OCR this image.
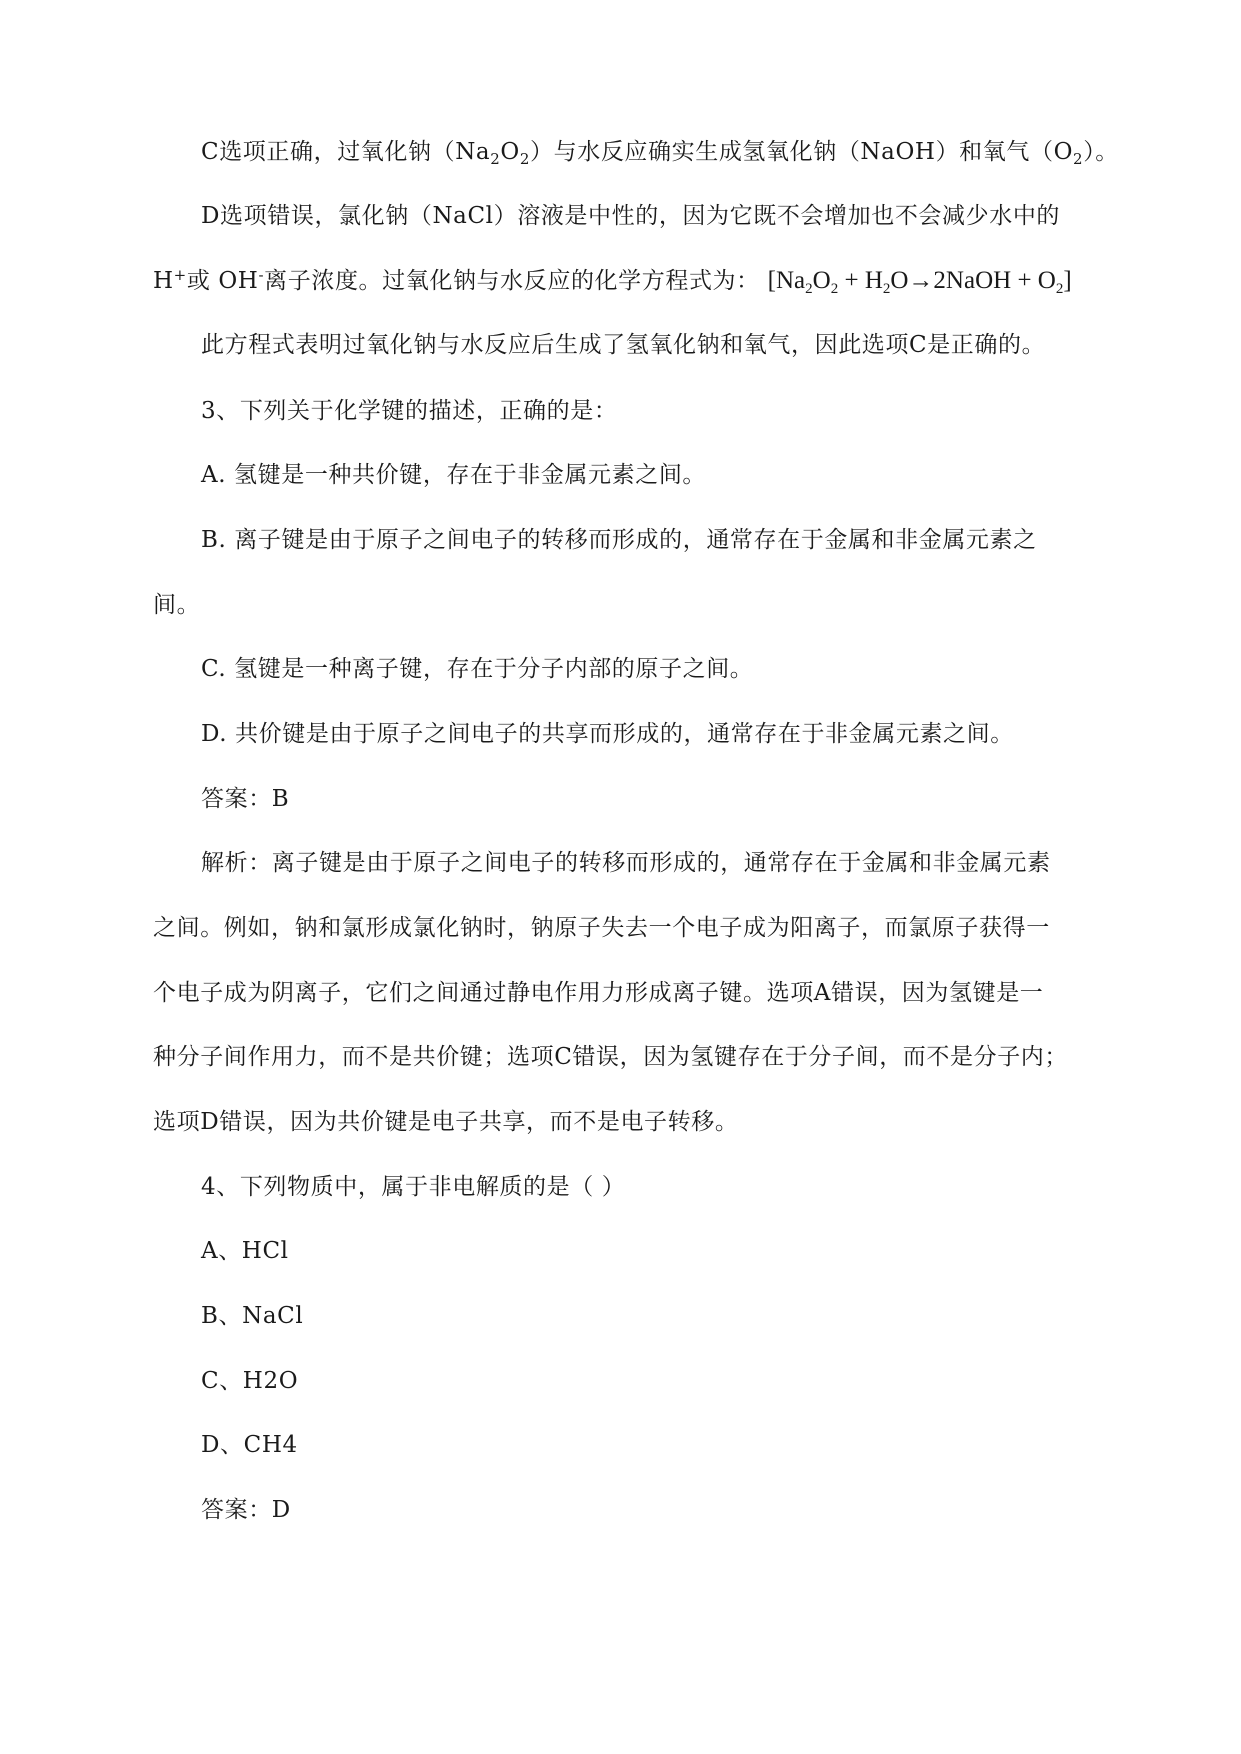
C选项正确，过氧化钠$(Na_2O_2)$与水反应确实生成氢氧化钠（NaOH）和氧气$(O_2)$。
D选项错误，氯化钠（NaCl）溶液是中性的，因为它既不会增加也不会减少水中的
H+或 OH-离子浓度。过氧化钠与水反应的化学方程式为： [$Na_2O_2$ + $H_2O\to 2NaOH + O_2$]
此方程式表明过氧化钠与水反应后生成了氢氧化钠和氧气，因此选项C是正确的。
3、下列关于化学键的描述，正确的是：
A. 氢键是一种共价键，存在于非金属元素之间。
B. 离子键是由于原子之间电子的转移而形成的，通常存在于金属和非金属元素之
间。
C. 氢键是一种离子键，存在于分子内部的原子之间。
D. 共价键是由于原子之间电子的共享而形成的，通常存在于非金属元素之间。
答案：B
解析：离子键是由于原子之间电子的转移而形成的，通常存在于金属和非金属元素
之间。例如，钠和氯形成氯化钠时，钠原子失去一个电子成为阳离子，而氯原子获得一
个电子成为阴离子，它们之间通过静电作用力形成离子键。选项A错误，因为氢键是一
种分子间作用力，而不是共价键；选项C错误，因为氢键存在于分子间，而不是分子内；
选项D错误，因为共价键是电子共享，而不是电子转移。
4、下列物质中，属于非电解质的是（ ）
A、HCl
B、NaCl
C、H2O
D、CH4
答案：D
